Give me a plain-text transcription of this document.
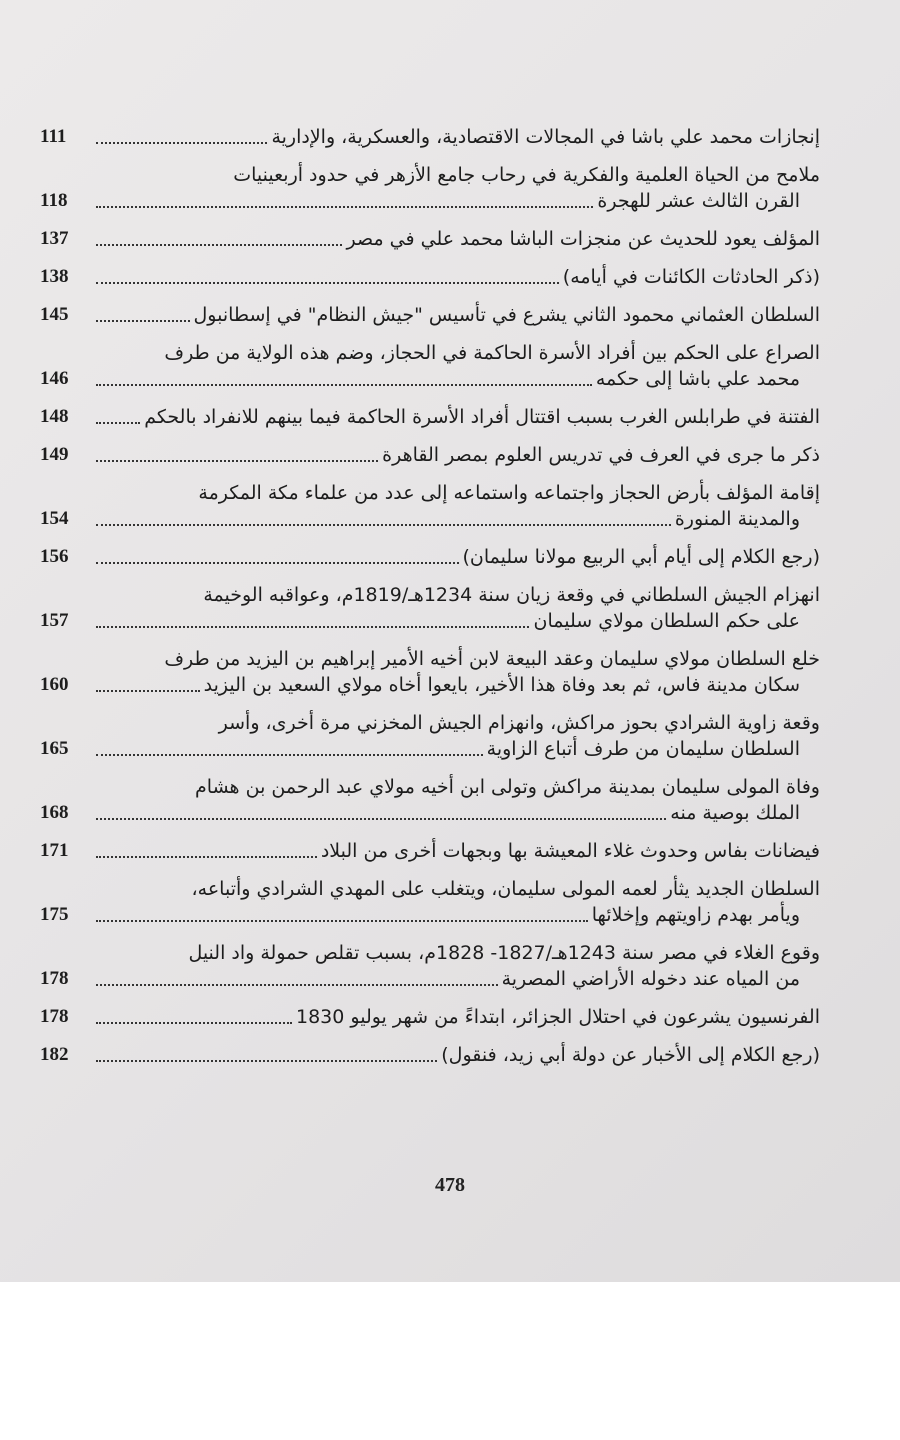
إنجازات محمد علي باشا في المجالات الاقتصادية، والعسكرية، والإدارية
111
ملامح من الحياة العلمية والفكرية في رحاب جامع الأزهر في حدود أربعينيات
القرن الثالث عشر للهجرة
118
المؤلف يعود للحديث عن منجزات الباشا محمد علي في مصر
137
(ذكر الحادثات الكائنات في أيامه)
138
السلطان العثماني محمود الثاني يشرع في تأسيس "جيش النظام" في إسطانبول
145
الصراع على الحكم بين أفراد الأسرة الحاكمة في الحجاز، وضم هذه الولاية من طرف
محمد علي باشا إلى حكمه
146
الفتنة في طرابلس الغرب بسبب اقتتال أفراد الأسرة الحاكمة فيما بينهم للانفراد بالحكم
148
ذكر ما جرى في العرف في تدريس العلوم بمصر القاهرة
149
إقامة المؤلف بأرض الحجاز واجتماعه واستماعه إلى عدد من علماء مكة المكرمة
والمدينة المنورة
154
(رجع الكلام إلى أيام أبي الربيع مولانا سليمان)
156
انهزام الجيش السلطاني في وقعة زيان سنة 1234هـ/1819م، وعواقبه الوخيمة
على حكم السلطان مولاي سليمان
157
خلع السلطان مولاي سليمان وعقد البيعة لابن أخيه الأمير إبراهيم بن اليزيد من طرف
سكان مدينة فاس، ثم بعد وفاة هذا الأخير، بايعوا أخاه مولاي السعيد بن اليزيد
160
وقعة زاوية الشرادي بحوز مراكش، وانهزام الجيش المخزني مرة أخرى، وأسر
السلطان سليمان من طرف أتباع الزاوية
165
وفاة المولى سليمان بمدينة مراكش وتولى ابن أخيه مولاي عبد الرحمن بن هشام
الملك بوصية منه
168
فيضانات بفاس وحدوث غلاء المعيشة بها وبجهات أخرى من البلاد
171
السلطان الجديد يثأر لعمه المولى سليمان، ويتغلب على المهدي الشرادي وأتباعه،
ويأمر بهدم زاويتهم وإخلائها
175
وقوع الغلاء في مصر سنة 1243هـ/1827- 1828م، بسبب تقلص حمولة واد النيل
من المياه عند دخوله الأراضي المصرية
178
الفرنسيون يشرعون في احتلال الجزائر، ابتداءً من شهر يوليو 1830
178
(رجع الكلام إلى الأخبار عن دولة أبي زيد، فنقول)
182
478
